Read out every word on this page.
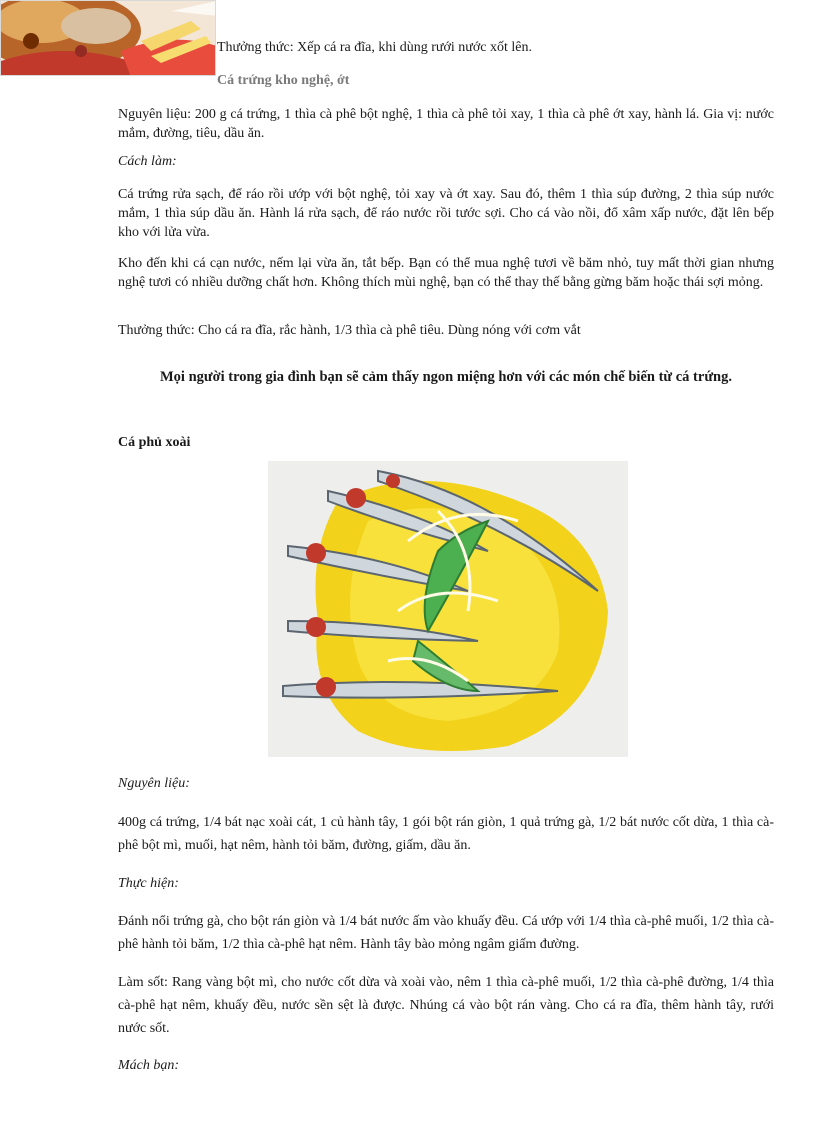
Thưởng thức: Xếp cá ra đĩa, khi dùng rưới nước xốt lên.
Cá trứng kho nghệ, ớt
Nguyên liệu: 200 g cá trứng, 1 thìa cà phê bột nghệ, 1 thìa cà phê tỏi xay, 1 thìa cà phê ớt xay, hành lá. Gia vị: nước mắm, đường, tiêu, dầu ăn.
Cách làm:
Cá trứng rửa sạch, để ráo rồi ướp với bột nghệ, tỏi xay và ớt xay. Sau đó, thêm 1 thìa súp đường, 2 thìa súp nước mắm, 1 thìa súp dầu ăn. Hành lá rửa sạch, để ráo nước rồi tước sợi. Cho cá vào nồi, đổ xâm xấp nước, đặt lên bếp kho với lửa vừa.
Kho đến khi cá cạn nước, nếm lại vừa ăn, tắt bếp. Bạn có thể mua nghệ tươi về băm nhỏ, tuy mất thời gian nhưng nghệ tươi có nhiều dưỡng chất hơn. Không thích mùi nghệ, bạn có thể thay thế bằng gừng băm hoặc thái sợi mỏng.
Thưởng thức: Cho cá ra đĩa, rắc hành, 1/3 thìa cà phê tiêu. Dùng nóng với cơm vắt
Mọi người trong gia đình bạn sẽ cảm thấy ngon miệng hơn với các món chế biến từ cá trứng.
Cá phủ xoài
Nguyên liệu:
400g cá trứng, 1/4 bát nạc xoài cát, 1 củ hành tây, 1 gói bột rán giòn, 1 quả trứng gà, 1/2 bát nước cốt dừa, 1 thìa cà-phê bột mì, muối, hạt nêm, hành tỏi băm, đường, giấm, dầu ăn.
Thực hiện:
Đánh nổi trứng gà, cho bột rán giòn và 1/4 bát nước ấm vào khuấy đều. Cá ướp với 1/4 thìa cà-phê muối, 1/2 thìa cà-phê hành tỏi băm, 1/2 thìa cà-phê hạt nêm. Hành tây bào mỏng ngâm giấm đường.
Làm sốt: Rang vàng bột mì, cho nước cốt dừa và xoài vào, nêm 1 thìa cà-phê muối, 1/2 thìa cà-phê đường, 1/4 thìa cà-phê hạt nêm, khuấy đều, nước sền sệt là được. Nhúng cá vào bột rán vàng. Cho cá ra đĩa, thêm hành tây, rưới nước sốt.
Mách bạn:
